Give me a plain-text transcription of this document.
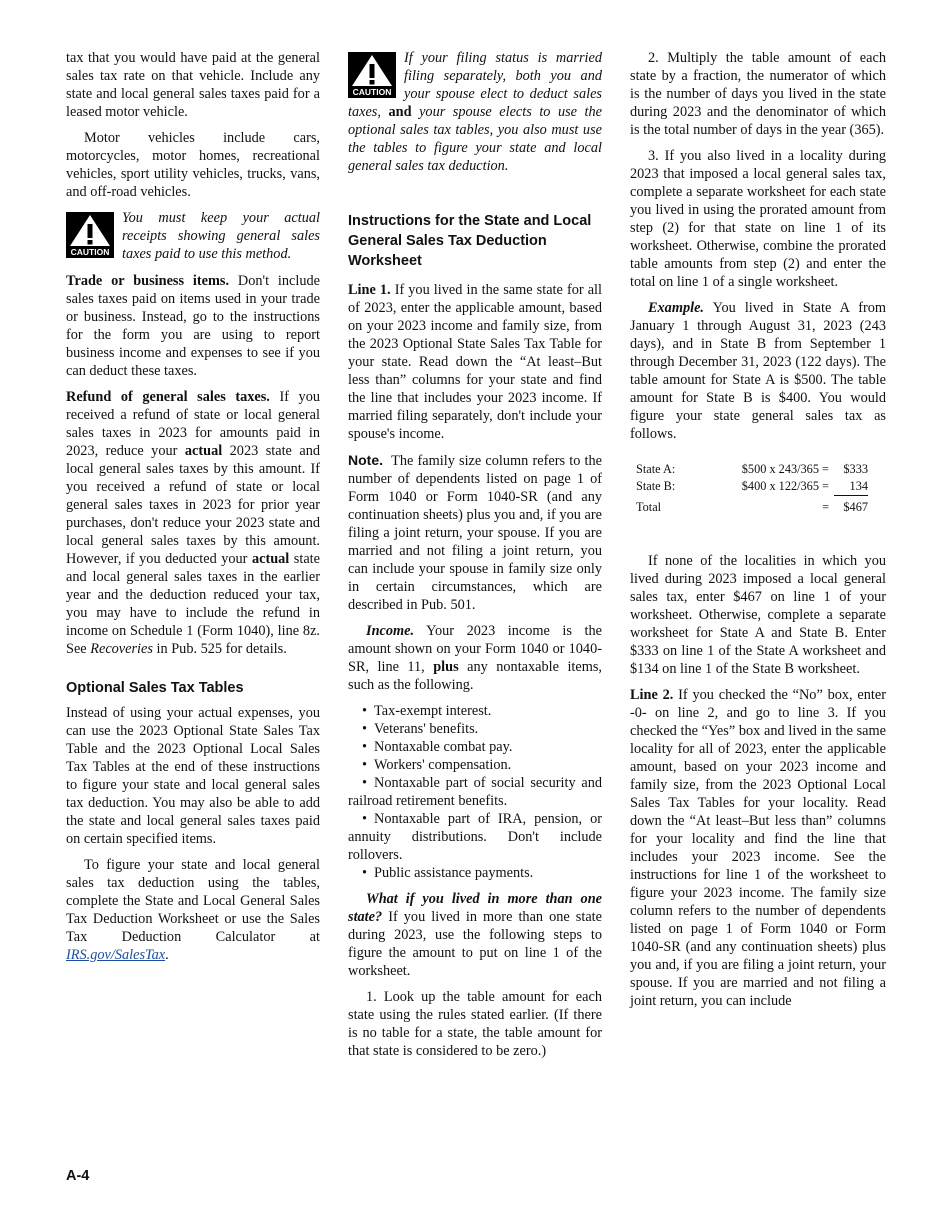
tax that you would have paid at the general sales tax rate on that vehicle. Include any state and local general sales taxes paid for a leased motor vehicle.

Motor vehicles include cars, motorcycles, motor homes, recreational vehicles, sport utility vehicles, trucks, vans, and off-road vehicles.

CAUTION
You must keep your actual receipts showing general sales taxes paid to use this method.

Trade or business items. Don't include sales taxes paid on items used in your trade or business. Instead, go to the instructions for the form you are using to report business income and expenses to see if you can deduct these taxes.

Refund of general sales taxes. If you received a refund of state or local general sales taxes in 2023 for amounts paid in 2023, reduce your actual 2023 state and local general sales taxes by this amount. If you received a refund of state or local general sales taxes in 2023 for prior year purchases, don't reduce your 2023 state and local general sales taxes by this amount. However, if you deducted your actual state and local general sales taxes in the earlier year and the deduction reduced your tax, you may have to include the refund in income on Schedule 1 (Form 1040), line 8z. See Recoveries in Pub. 525 for details.

Optional Sales Tax Tables

Instead of using your actual expenses, you can use the 2023 Optional State Sales Tax Table and the 2023 Optional Local Sales Tax Tables at the end of these instructions to figure your state and local general sales tax deduction. You may also be able to add the state and local general sales taxes paid on certain specified items.

To figure your state and local general sales tax deduction using the tables, complete the State and Local General Sales Tax Deduction Worksheet or use the Sales Tax Deduction Calculator at IRS.gov/SalesTax.

CAUTION
If your filing status is married filing separately, both you and your spouse elect to deduct sales taxes, and your spouse elects to use the optional sales tax tables, you also must use the tables to figure your state and local general sales tax deduction.
Instructions for the State and Local General Sales Tax Deduction Worksheet

Line 1. If you lived in the same state for all of 2023, enter the applicable amount, based on your 2023 income and family size, from the 2023 Optional State Sales Tax Table for your state. Read down the “At least–But less than” columns for your state and find the line that includes your 2023 income. If married filing separately, don't include your spouse's income.

Note. The family size column refers to the number of dependents listed on page 1 of Form 1040 or Form 1040-SR (and any continuation sheets) plus you and, if you are filing a joint return, your spouse. If you are married and not filing a joint return, you can include your spouse in family size only in certain circumstances, which are described in Pub. 501.

Income. Your 2023 income is the amount shown on your Form 1040 or 1040-SR, line 11, plus any nontaxable items, such as the following.

• Tax-exempt interest.
• Veterans' benefits.
• Nontaxable combat pay.
• Workers' compensation.
• Nontaxable part of social security and railroad retirement benefits.
• Nontaxable part of IRA, pension, or annuity distributions. Don't include rollovers.
• Public assistance payments.

What if you lived in more than one state? If you lived in more than one state during 2023, use the following steps to figure the amount to put on line 1 of the worksheet.

1. Look up the table amount for each state using the rules stated earlier. (If there is no table for a state, the table amount for that state is considered to be zero.)

2. Multiply the table amount of each state by a fraction, the numerator of which is the number of days you lived in the state during 2023 and the denominator of which is the total number of days in the year (365).

3. If you also lived in a locality during 2023 that imposed a local general sales tax, complete a separate worksheet for each state you lived in using the prorated amount from step (2) for that state on line 1 of its worksheet. Otherwise, combine the prorated table amounts from step (2) and enter the total on line 1 of a single worksheet.

Example. You lived in State A from January 1 through August 31, 2023 (243 days), and in State B from September 1 through December 31, 2023 (122 days). The table amount for State A is $500. The table amount for State B is $400. You would figure your state general sales tax as follows.

State A:	$500 x 243/365 =	$333
State B:	$400 x 122/365 =	134
Total	=	$467

If none of the localities in which you lived during 2023 imposed a local general sales tax, enter $467 on line 1 of your worksheet. Otherwise, complete a separate worksheet for State A and State B. Enter $333 on line 1 of the State A worksheet and $134 on line 1 of the State B worksheet.

Line 2. If you checked the “No” box, enter -0- on line 2, and go to line 3. If you checked the “Yes” box and lived in the same locality for all of 2023, enter the applicable amount, based on your 2023 income and family size, from the 2023 Optional Local Sales Tax Tables for your locality. Read down the “At least–But less than” columns for your locality and find the line that includes your 2023 income. See the instructions for line 1 of the worksheet to figure your 2023 income. The family size column refers to the number of dependents listed on page 1 of Form 1040 or Form 1040-SR (and any continuation sheets) plus you and, if you are filing a joint return, your spouse. If you are married and not filing a joint return, you can include

A-4
